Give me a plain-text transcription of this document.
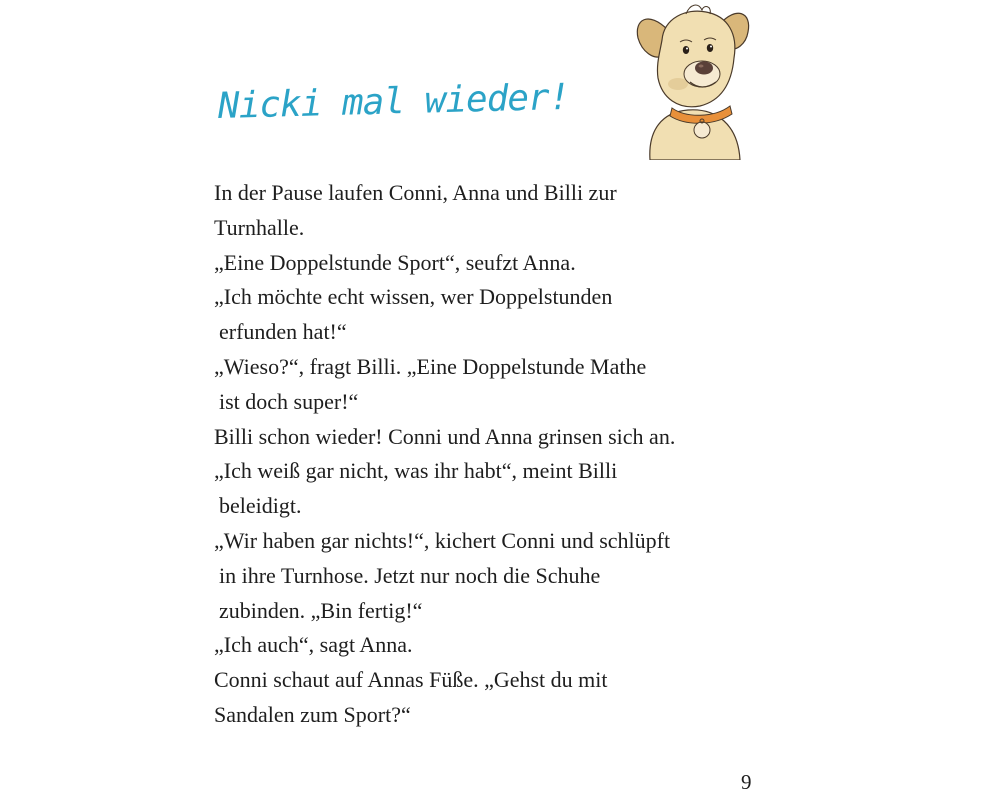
Nicki mal wieder!
In der Pause laufen Conni, Anna und Billi zur
Turnhalle.
„Eine Doppelstunde Sport“, seufzt Anna.
„Ich möchte echt wissen, wer Doppelstunden
erfunden hat!“
„Wieso?“, fragt Billi. „Eine Doppelstunde Mathe
ist doch super!“
Billi schon wieder! Conni und Anna grinsen sich an.
„Ich weiß gar nicht, was ihr habt“, meint Billi
beleidigt.
„Wir haben gar nichts!“, kichert Conni und schlüpft
in ihre Turnhose. Jetzt nur noch die Schuhe
zubinden. „Bin fertig!“
„Ich auch“, sagt Anna.
Conni schaut auf Annas Füße. „Gehst du mit
Sandalen zum Sport?“
9
